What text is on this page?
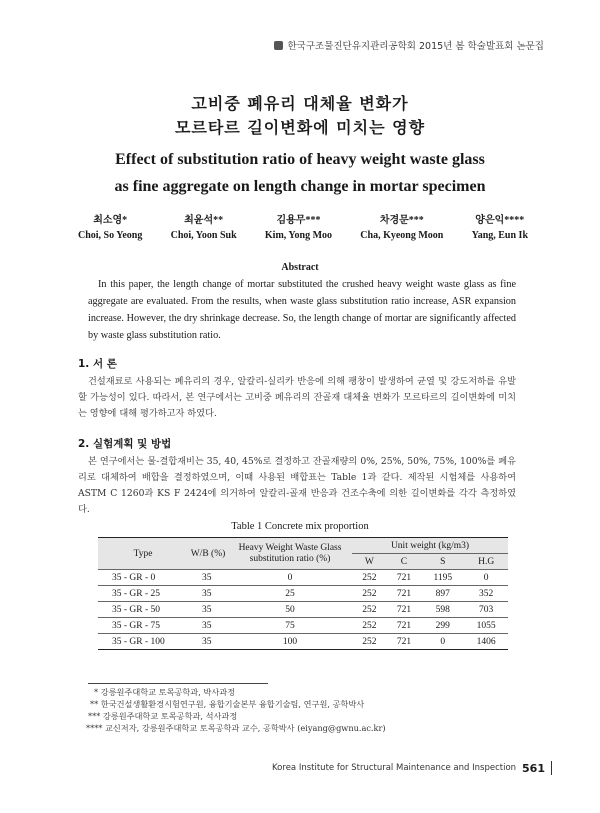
한국구조물진단유지관리공학회 2015년 봄 학술발표회 논문집
고비중 폐유리 대체율 변화가
모르타르 길이변화에 미치는 영향
Effect of substitution ratio of heavy weight waste glass
as fine aggregate on length change in mortar specimen
최소영*
Choi, So Yeong
최윤석**
Choi, Yoon Suk
김용무***
Kim, Yong Moo
차경문***
Cha, Kyeong Moon
양은익****
Yang, Eun Ik
Abstract
In this paper, the length change of mortar substituted the crushed heavy weight waste glass as fine aggregate are evaluated. From the results, when waste glass substitution ratio increase, ASR expansion increase. However, the dry shrinkage decrease. So, the length change of mortar are significantly affected by waste glass substitution ratio.
1. 서 론
건설재료로 사용되는 폐유리의 경우, 알칼리-실리카 반응에 의해 팽창이 발생하여 균열 및 강도저하를 유발할 가능성이 있다. 따라서, 본 연구에서는 고비중 폐유리의 잔골재 대체율 변화가 모르타르의 길이변화에 미치는 영향에 대해 평가하고자 하였다.
2. 실험계획 및 방법
본 연구에서는 물-결합재비는 35, 40, 45%로 결정하고 잔골재량의 0%, 25%, 50%, 75%, 100%를 폐유리로 대체하여 배합을 결정하였으며, 이때 사용된 배합표는 Table 1과 같다. 제작된 시험체를 사용하여 ASTM C 1260과 KS F 2424에 의거하여 알칼리-골재 반응과 건조수축에 의한 길이변화를 각각 측정하였다.
Table 1 Concrete mix proportion
Type	W/B (%)	Heavy Weight Waste Glass substitution ratio (%)	Unit weight (kg/m3)			
			W	C	S	H.G
35 - GR - 0	35	0	252	721	1195	0
35 - GR - 25	35	25	252	721	897	352
35 - GR - 50	35	50	252	721	598	703
35 - GR - 75	35	75	252	721	299	1055
35 - GR - 100	35	100	252	721	0	1406
* 강릉원주대학교 토목공학과, 박사과정
** 한국건설생활환경시험연구원, 융합기술본부 융합기술팀, 연구원, 공학박사
*** 강릉원주대학교 토목공학과, 석사과정
**** 교신저자, 강릉원주대학교 토목공학과 교수, 공학박사 (eiyang@gwnu.ac.kr)
Korea Institute for Structural Maintenance and Inspection 561
